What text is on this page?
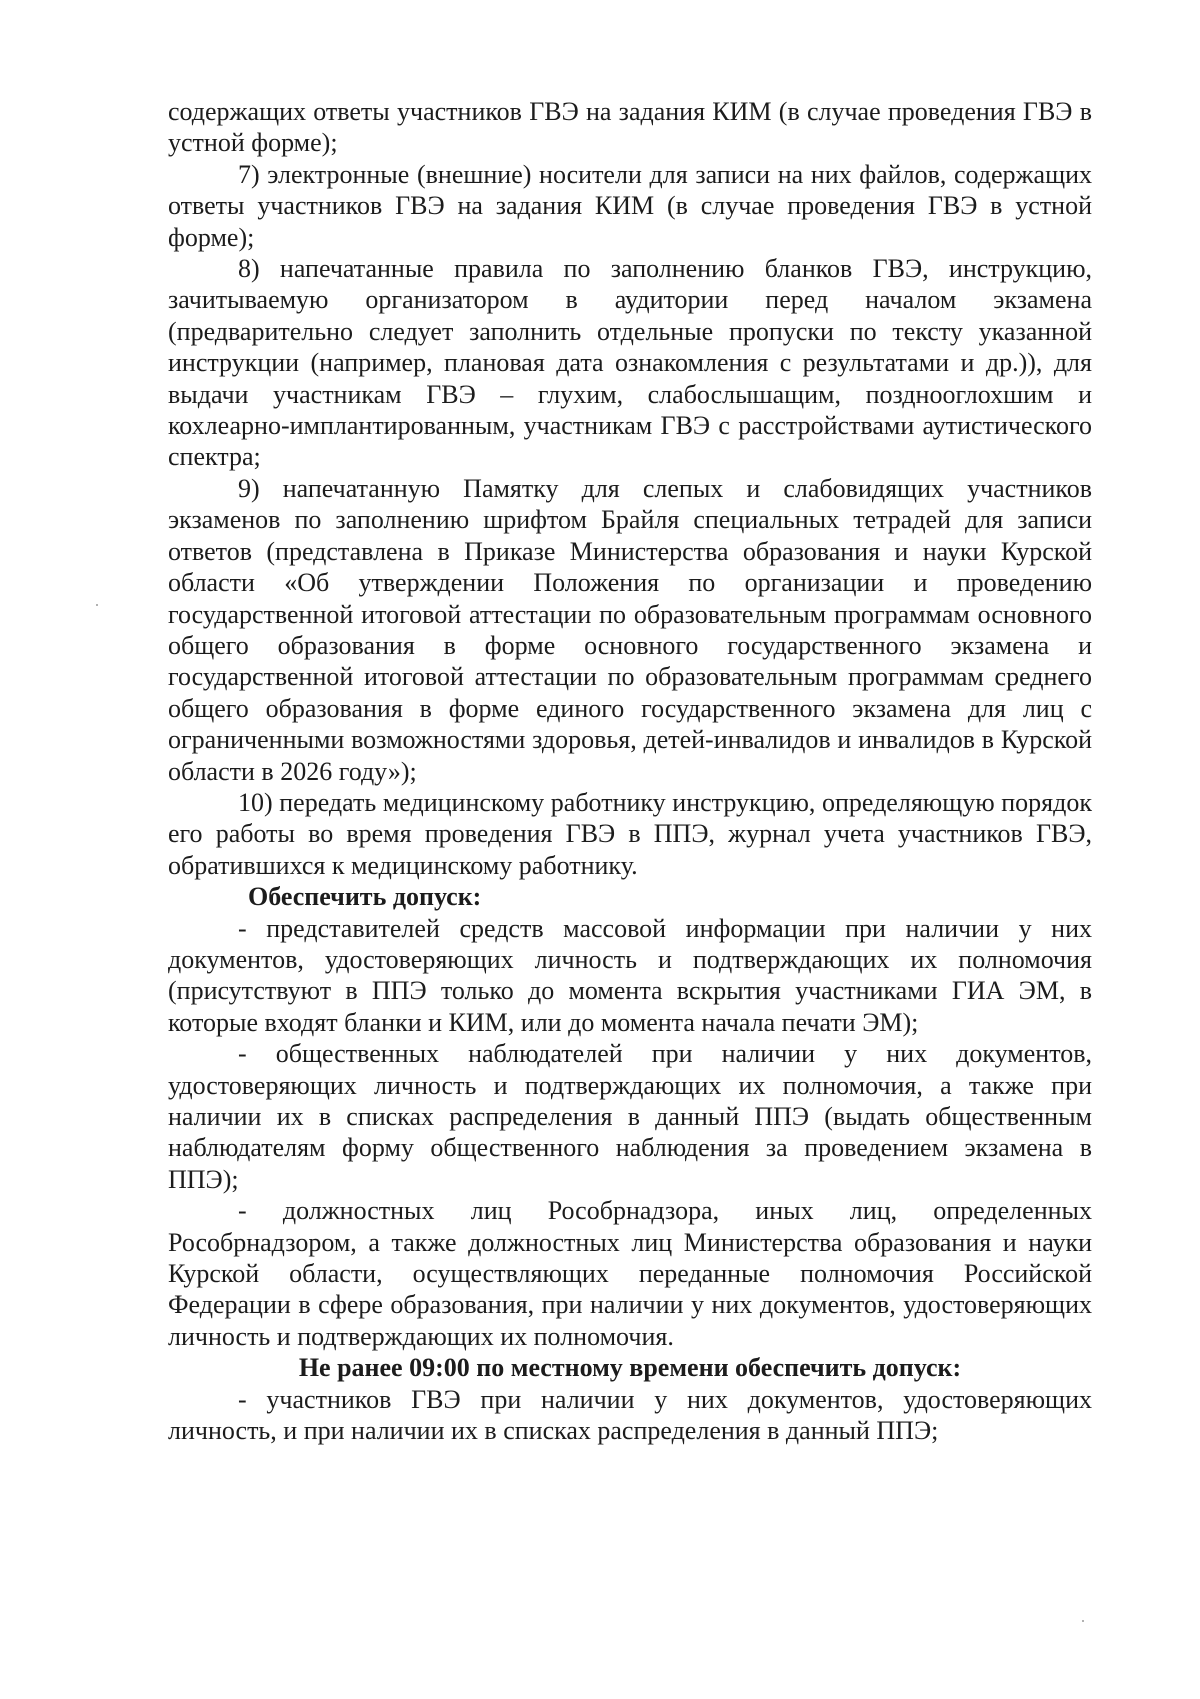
содержащих ответы участников ГВЭ на задания КИМ (в случае проведения ГВЭ в устной форме);

7) электронные (внешние) носители для записи на них файлов, содержащих ответы участников ГВЭ на задания КИМ (в случае проведения ГВЭ в устной форме);

8) напечатанные правила по заполнению бланков ГВЭ, инструкцию, зачитываемую организатором в аудитории перед началом экзамена (предварительно следует заполнить отдельные пропуски по тексту указанной инструкции (например, плановая дата ознакомления с результатами и др.)), для выдачи участникам ГВЭ – глухим, слабослышащим, позднооглохшим и кохлеарно-имплантированным, участникам ГВЭ с расстройствами аутистического спектра;

9) напечатанную Памятку для слепых и слабовидящих участников экзаменов по заполнению шрифтом Брайля специальных тетрадей для записи ответов (представлена в Приказе Министерства образования и науки Курской области «Об утверждении Положения по организации и проведению государственной итоговой аттестации по образовательным программам основного общего образования в форме основного государственного экзамена и государственной итоговой аттестации по образовательным программам среднего общего образования в форме единого государственного экзамена для лиц с ограниченными возможностями здоровья, детей-инвалидов и инвалидов в Курской области в 2026 году»);

10) передать медицинскому работнику инструкцию, определяющую порядок его работы во время проведения ГВЭ в ППЭ, журнал учета участников ГВЭ, обратившихся к медицинскому работнику.

Обеспечить допуск:

- представителей средств массовой информации при наличии у них документов, удостоверяющих личность и подтверждающих их полномочия (присутствуют в ППЭ только до момента вскрытия участниками ГИА ЭМ, в которые входят бланки и КИМ, или до момента начала печати ЭМ);

- общественных наблюдателей при наличии у них документов, удостоверяющих личность и подтверждающих их полномочия, а также при наличии их в списках распределения в данный ППЭ (выдать общественным наблюдателям форму общественного наблюдения за проведением экзамена в ППЭ);

- должностных лиц Рособрнадзора, иных лиц, определенных Рособрнадзором, а также должностных лиц Министерства образования и науки Курской области, осуществляющих переданные полномочия Российской Федерации в сфере образования, при наличии у них документов, удостоверяющих личность и подтверждающих их полномочия.

Не ранее 09:00 по местному времени обеспечить допуск:

- участников ГВЭ при наличии у них документов, удостоверяющих личность, и при наличии их в списках распределения в данный ППЭ;
